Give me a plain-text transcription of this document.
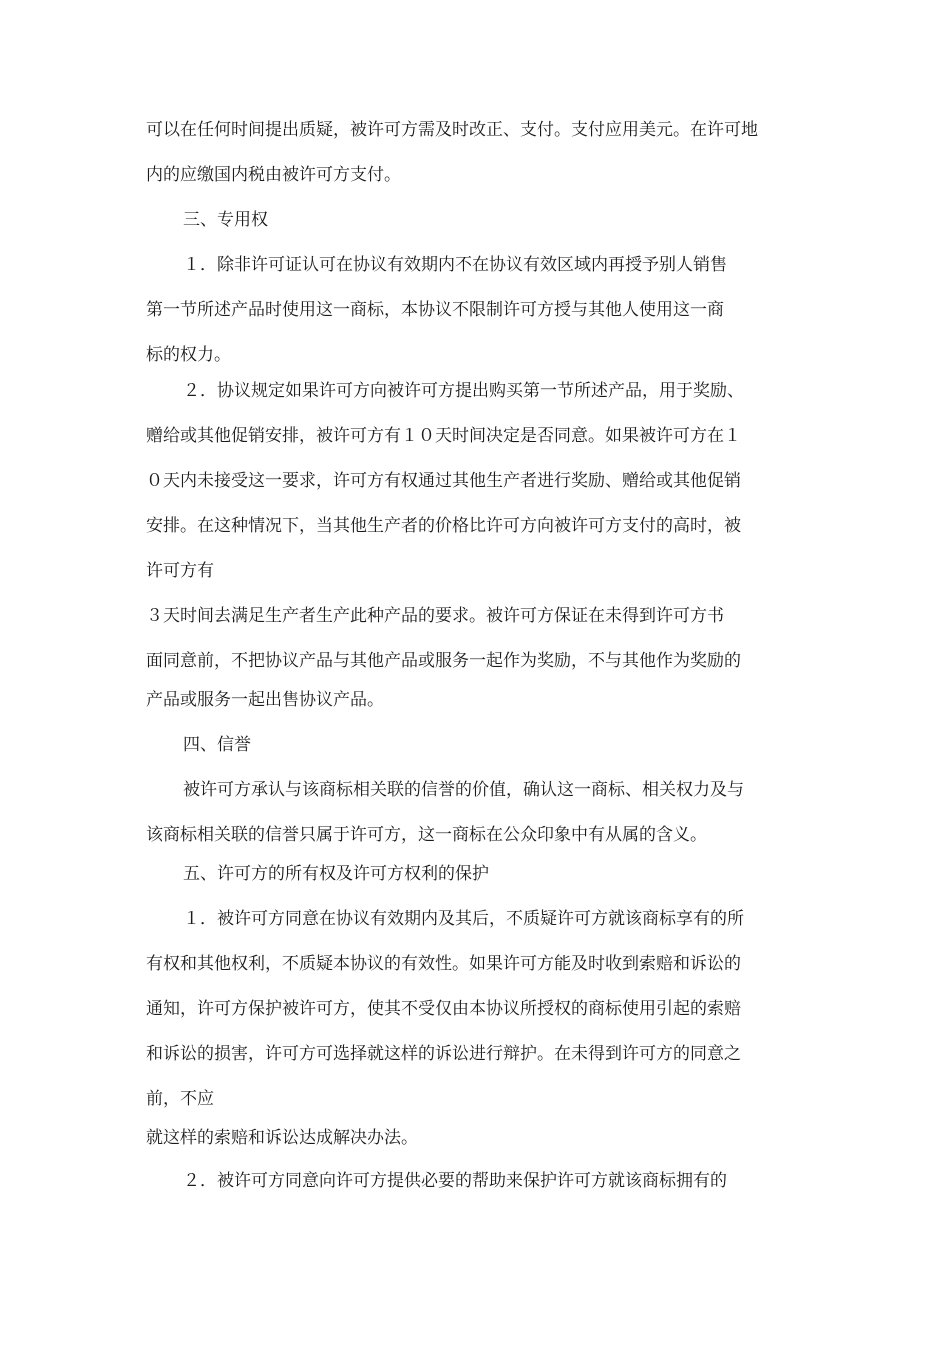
可以在任何时间提出质疑，被许可方需及时改正、支付。支付应用美元。在许可地
内的应缴国内税由被许可方支付。
三、专用权
１．除非许可证认可在协议有效期内不在协议有效区域内再授予别人销售
第一节所述产品时使用这一商标，本协议不限制许可方授与其他人使用这一商
标的权力。
２．协议规定如果许可方向被许可方提出购买第一节所述产品，用于奖励、
赠给或其他促销安排，被许可方有１０天时间决定是否同意。如果被许可方在１
０天内未接受这一要求，许可方有权通过其他生产者进行奖励、赠给或其他促销
安排。在这种情况下，当其他生产者的价格比许可方向被许可方支付的高时，被
许可方有
３天时间去满足生产者生产此种产品的要求。被许可方保证在未得到许可方书
面同意前，不把协议产品与其他产品或服务一起作为奖励，不与其他作为奖励的
产品或服务一起出售协议产品。
四、信誉
被许可方承认与该商标相关联的信誉的价值，确认这一商标、相关权力及与
该商标相关联的信誉只属于许可方，这一商标在公众印象中有从属的含义。
五、许可方的所有权及许可方权利的保护
１．被许可方同意在协议有效期内及其后，不质疑许可方就该商标享有的所
有权和其他权利，不质疑本协议的有效性。如果许可方能及时收到索赔和诉讼的
通知，许可方保护被许可方，使其不受仅由本协议所授权的商标使用引起的索赔
和诉讼的损害，许可方可选择就这样的诉讼进行辩护。在未得到许可方的同意之
前，不应
就这样的索赔和诉讼达成解决办法。
２．被许可方同意向许可方提供必要的帮助来保护许可方就该商标拥有的
